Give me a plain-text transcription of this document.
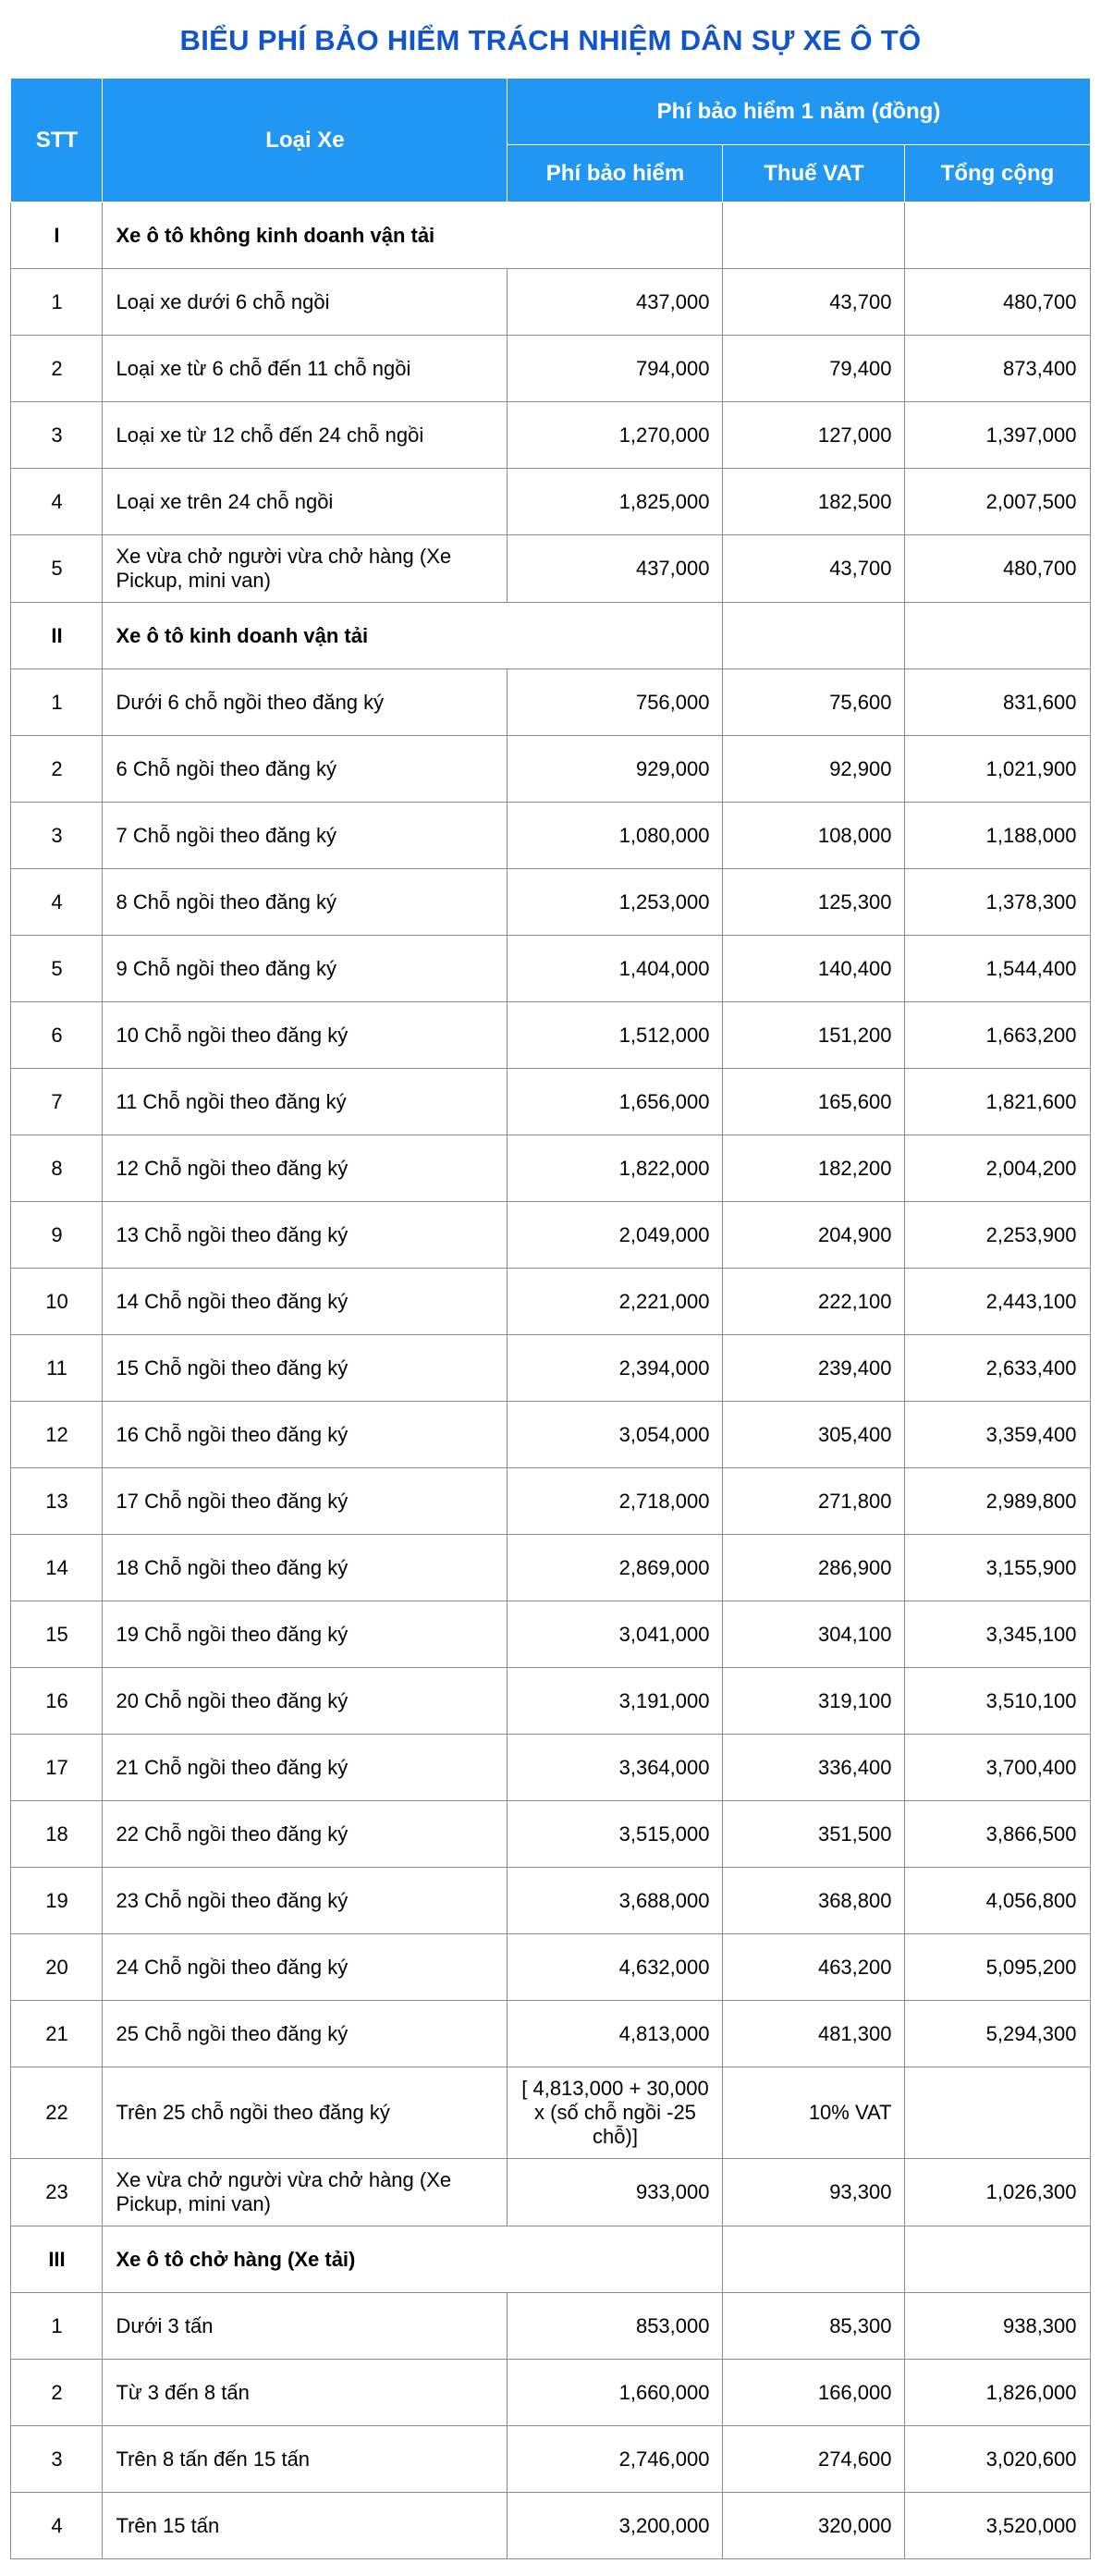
BIỂU PHÍ BẢO HIỂM TRÁCH NHIỆM DÂN SỰ XE Ô TÔ
STT	Loại Xe	Phí bảo hiểm 1 năm (đồng)		
		Phí bảo hiểm	Thuế VAT	Tổng cộng
I	Xe ô tô không kinh doanh vận tải			
1	Loại xe dưới 6 chỗ ngồi	437,000	43,700	480,700
2	Loại xe từ 6 chỗ đến 11 chỗ ngồi	794,000	79,400	873,400
3	Loại xe từ 12 chỗ đến 24 chỗ ngồi	1,270,000	127,000	1,397,000
4	Loại xe trên 24 chỗ ngồi	1,825,000	182,500	2,007,500
5	Xe vừa chở người vừa chở hàng (Xe Pickup, mini van)	437,000	43,700	480,700
II	Xe ô tô kinh doanh vận tải			
1	Dưới 6 chỗ ngồi theo đăng ký	756,000	75,600	831,600
2	6 Chỗ ngồi theo đăng ký	929,000	92,900	1,021,900
3	7 Chỗ ngồi theo đăng ký	1,080,000	108,000	1,188,000
4	8 Chỗ ngồi theo đăng ký	1,253,000	125,300	1,378,300
5	9 Chỗ ngồi theo đăng ký	1,404,000	140,400	1,544,400
6	10 Chỗ ngồi theo đăng ký	1,512,000	151,200	1,663,200
7	11 Chỗ ngồi theo đăng ký	1,656,000	165,600	1,821,600
8	12 Chỗ ngồi theo đăng ký	1,822,000	182,200	2,004,200
9	13 Chỗ ngồi theo đăng ký	2,049,000	204,900	2,253,900
10	14 Chỗ ngồi theo đăng ký	2,221,000	222,100	2,443,100
11	15 Chỗ ngồi theo đăng ký	2,394,000	239,400	2,633,400
12	16 Chỗ ngồi theo đăng ký	3,054,000	305,400	3,359,400
13	17 Chỗ ngồi theo đăng ký	2,718,000	271,800	2,989,800
14	18 Chỗ ngồi theo đăng ký	2,869,000	286,900	3,155,900
15	19 Chỗ ngồi theo đăng ký	3,041,000	304,100	3,345,100
16	20 Chỗ ngồi theo đăng ký	3,191,000	319,100	3,510,100
17	21 Chỗ ngồi theo đăng ký	3,364,000	336,400	3,700,400
18	22 Chỗ ngồi theo đăng ký	3,515,000	351,500	3,866,500
19	23 Chỗ ngồi theo đăng ký	3,688,000	368,800	4,056,800
20	24 Chỗ ngồi theo đăng ký	4,632,000	463,200	5,095,200
21	25 Chỗ ngồi theo đăng ký	4,813,000	481,300	5,294,300
22	Trên 25 chỗ ngồi theo đăng ký	[ 4,813,000 + 30,000 x (số chỗ ngồi -25 chỗ)]	10% VAT	
23	Xe vừa chở người vừa chở hàng (Xe Pickup, mini van)	933,000	93,300	1,026,300
III	Xe ô tô chở hàng (Xe tải)			
1	Dưới 3 tấn	853,000	85,300	938,300
2	Từ 3 đến 8 tấn	1,660,000	166,000	1,826,000
3	Trên 8 tấn đến 15 tấn	2,746,000	274,600	3,020,600
4	Trên 15 tấn	3,200,000	320,000	3,520,000
